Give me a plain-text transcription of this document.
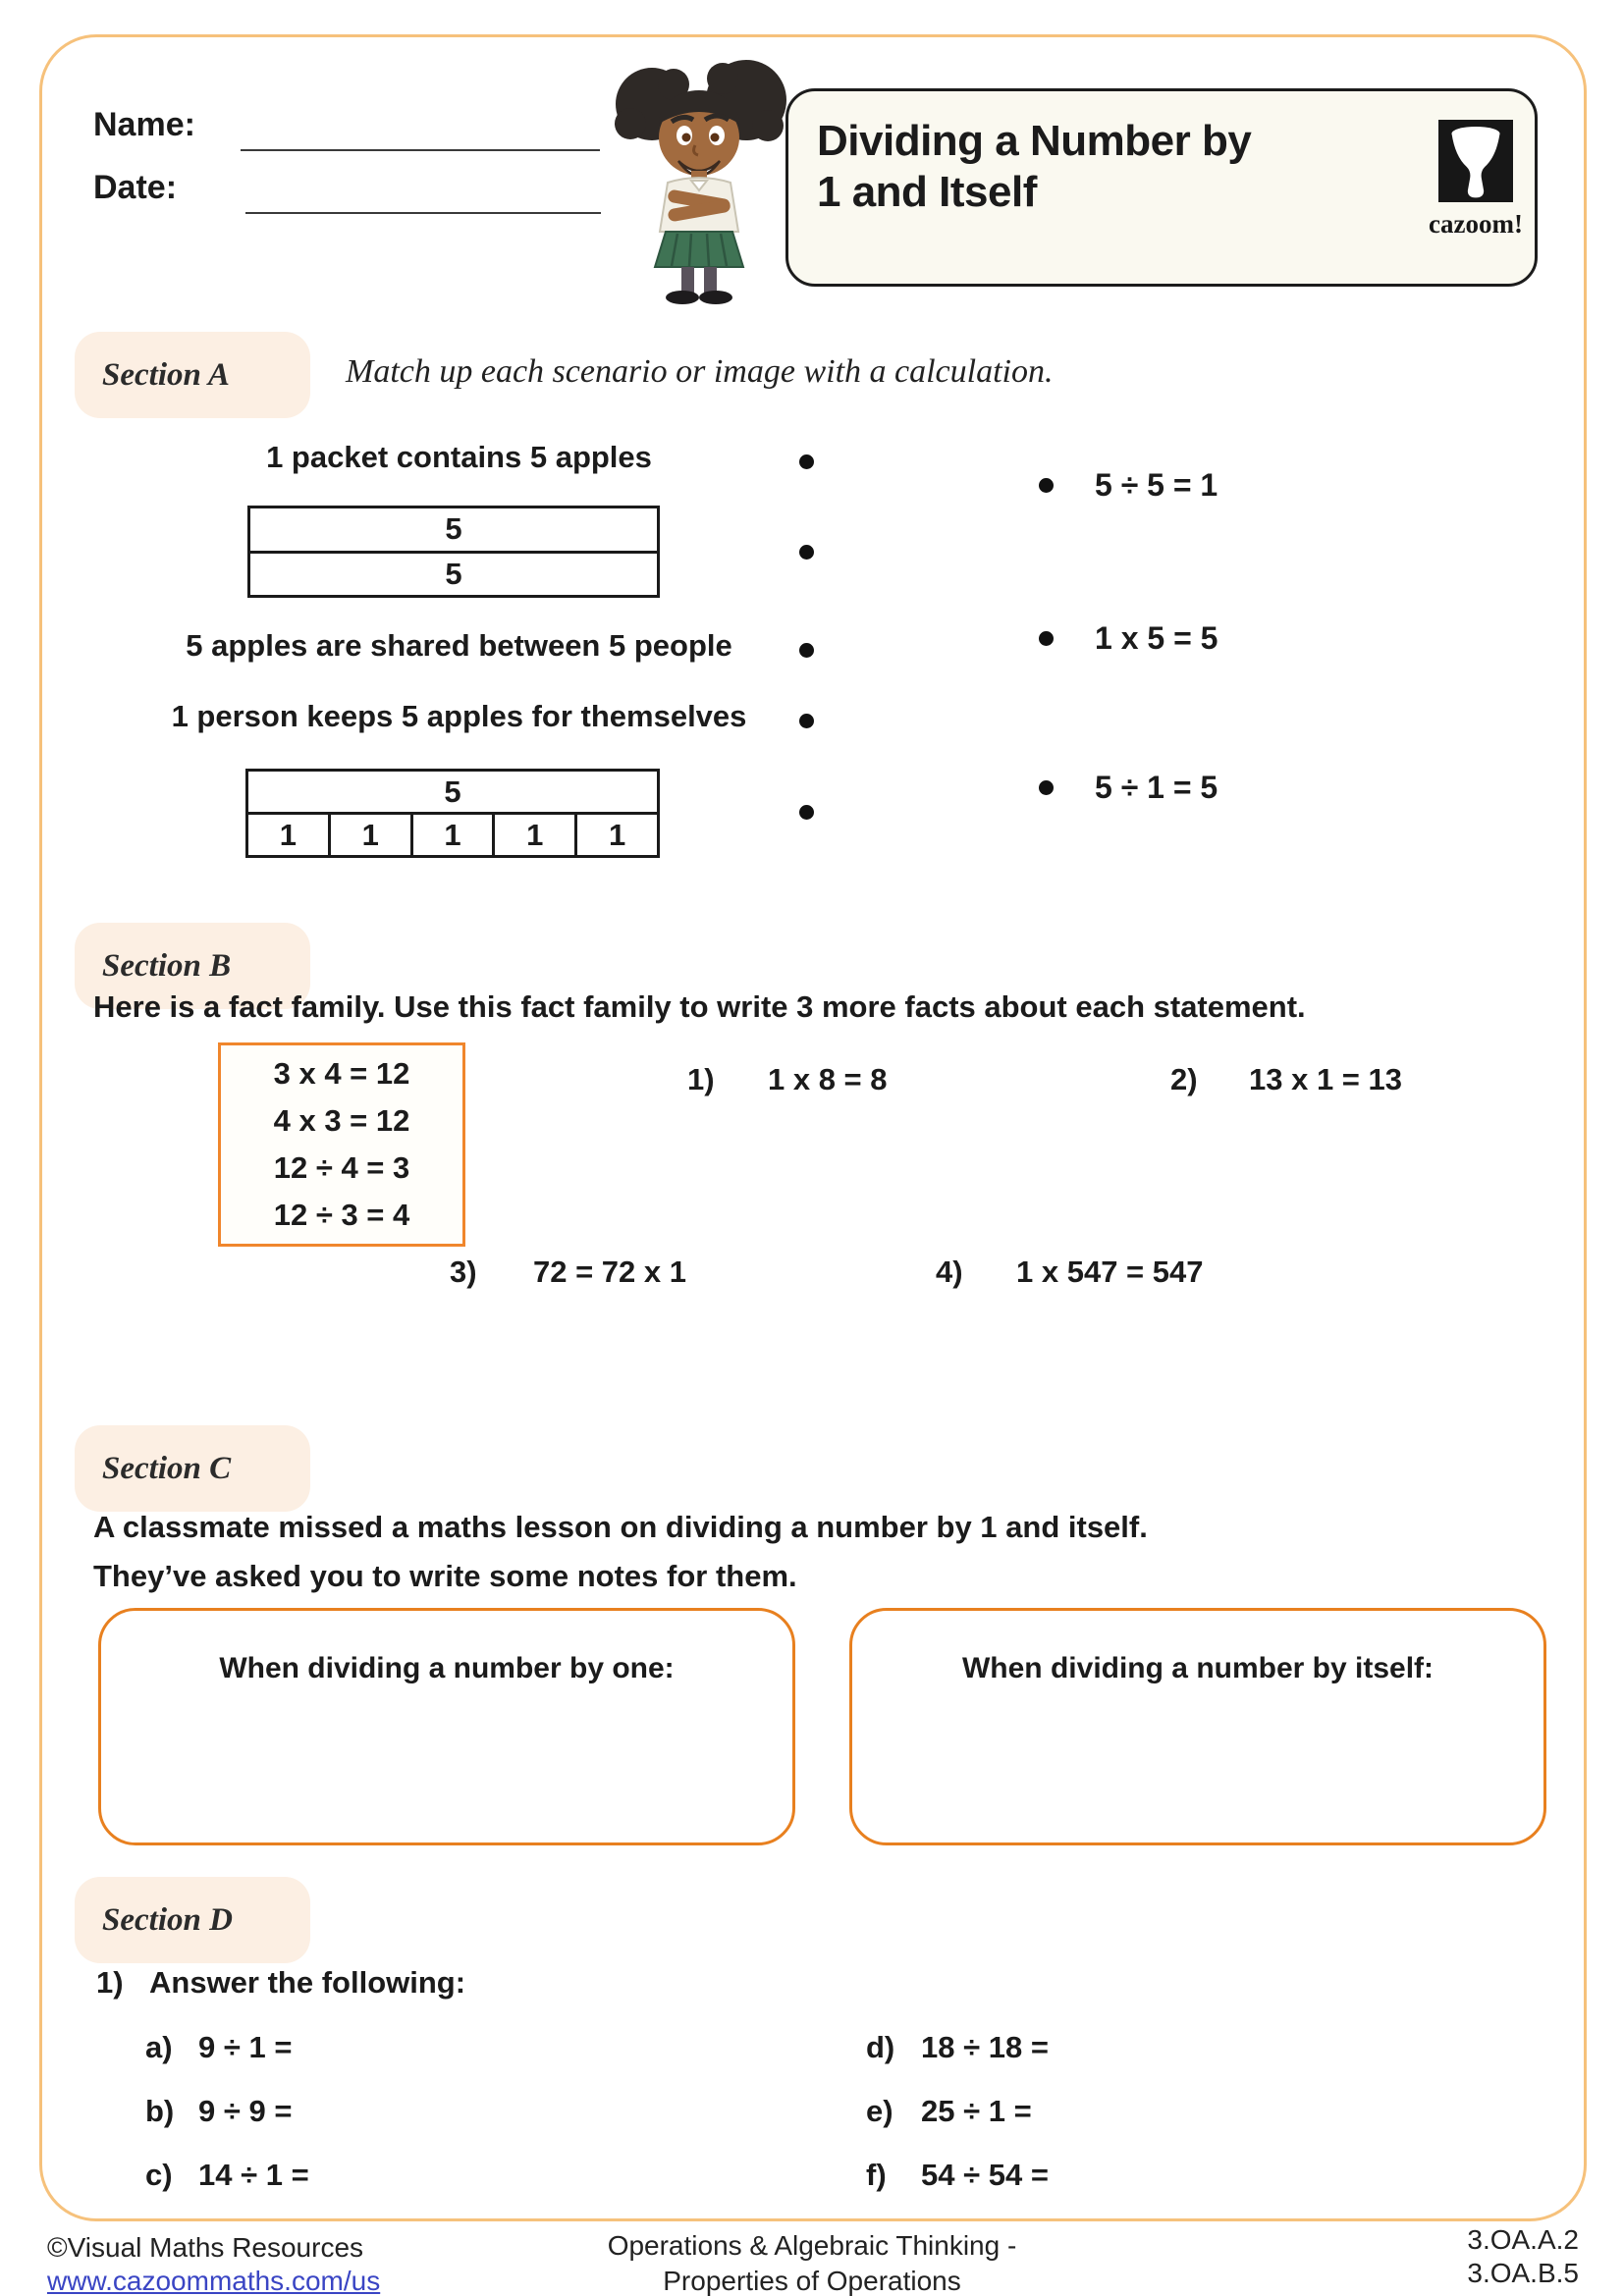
Name:
Date:
Dividing a Number by
1 and Itself
cazoom!
Section A	Match up each scenario or image with a calculation.
1 packet contains 5 apples
5
5
5 apples are shared between 5 people
1 person keeps 5 apples for themselves
5
1	1	1	1	1
5 ÷ 5 = 1
1 x 5 = 5
5 ÷ 1 = 5
Section B
Here is a fact family. Use this fact family to write 3 more facts about each statement.
3 x 4 = 12
4 x 3 = 12
12 ÷ 4 = 3
12 ÷ 3 = 4
1) 1 x 8 = 8	2) 13 x 1 = 13
3) 72 = 72 x 1	4) 1 x 547 = 547
Section C
A classmate missed a maths lesson on dividing a number by 1 and itself.
They’ve asked you to write some notes for them.
When dividing a number by one:	When dividing a number by itself:
Section D
1) Answer the following:
a) 9 ÷ 1 =
b) 9 ÷ 9 =
c) 14 ÷ 1 =
d) 18 ÷ 18 =
e) 25 ÷ 1 =
f) 54 ÷ 54 =
©Visual Maths Resources
www.cazoommaths.com/us
Operations & Algebraic Thinking -
Properties of Operations
3.OA.A.2
3.OA.B.5
